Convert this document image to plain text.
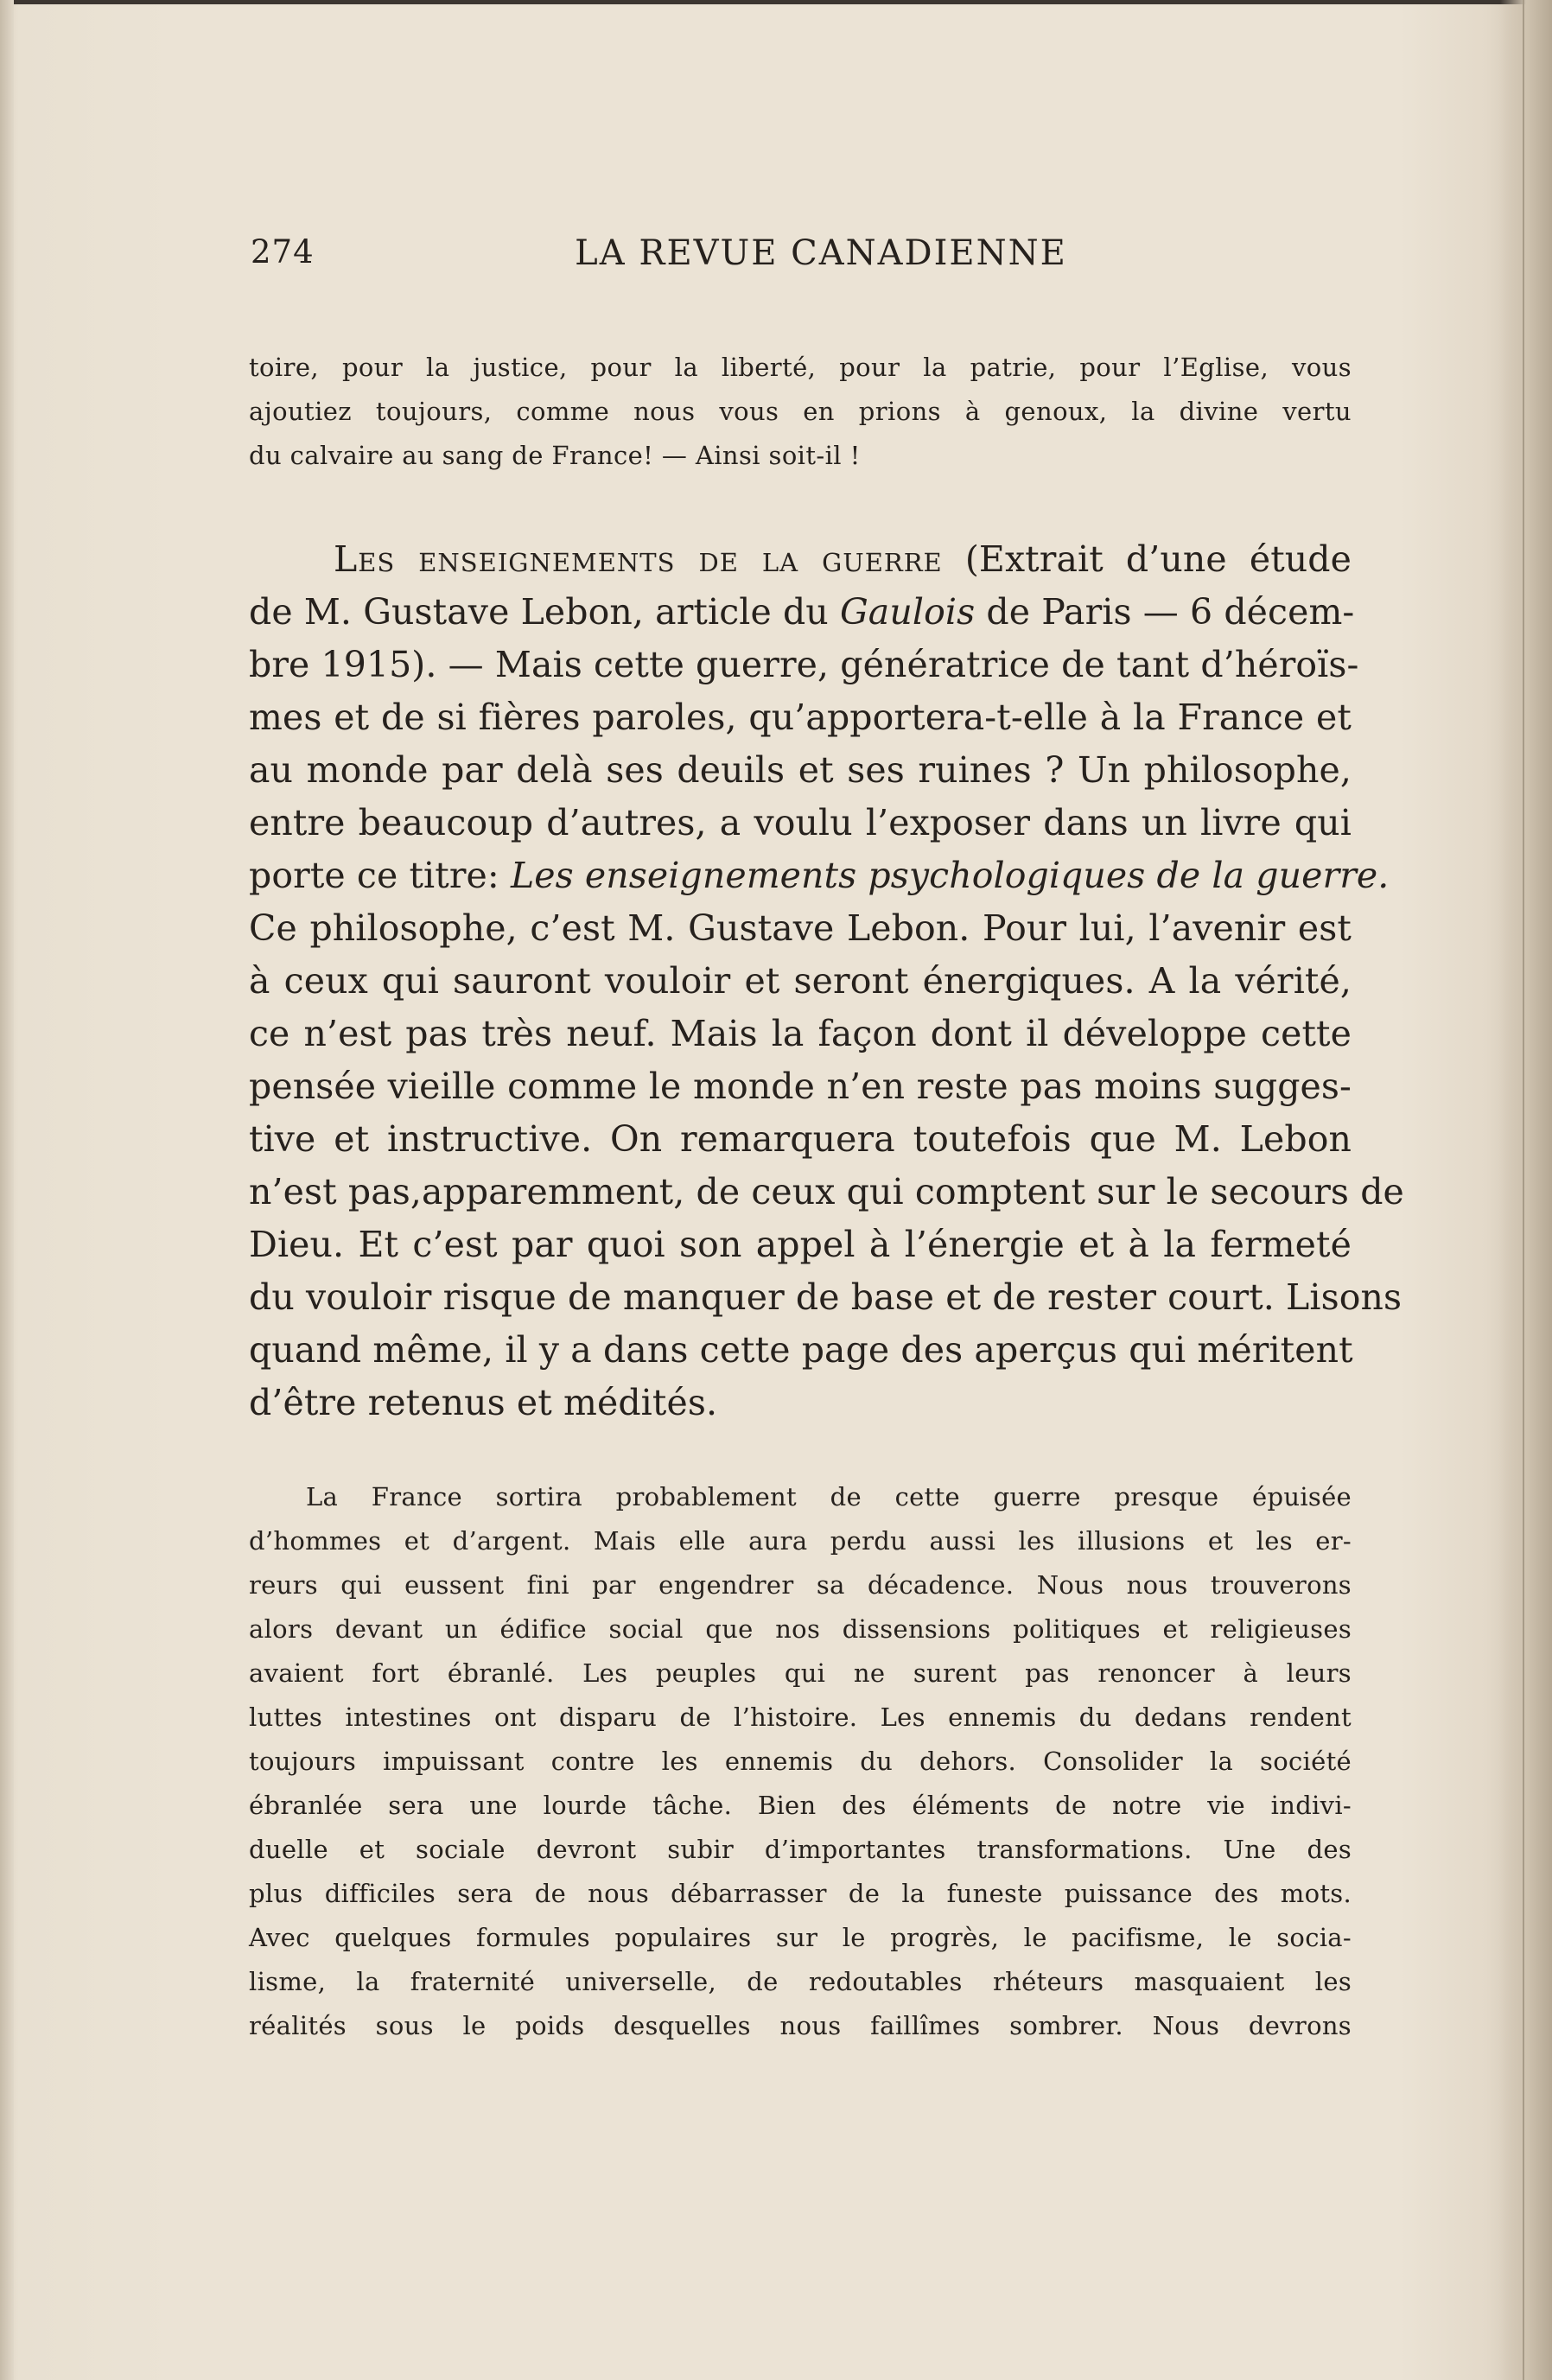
274	LA REVUE CANADIENNE
toire, pour la justice, pour la liberté, pour la patrie, pour l’Eglise, vous
ajoutiez toujours, comme nous vous en prions à genoux, la divine vertu
du calvaire au sang de France! — Ainsi soit-il !
Les enseignements de la guerre (Extrait d’une étude
de M. Gustave Lebon, article du Gaulois de Paris — 6 décem-
bre 1915). — Mais cette guerre, génératrice de tant d’héroïs-
mes et de si fières paroles, qu’apportera-t-elle à la France et
au monde par delà ses deuils et ses ruines ? Un philosophe,
entre beaucoup d’autres, a voulu l’exposer dans un livre qui
porte ce titre: Les enseignements psychologiques de la guerre.
Ce philosophe, c’est M. Gustave Lebon. Pour lui, l’avenir est
à ceux qui sauront vouloir et seront énergiques. A la vérité,
ce n’est pas très neuf. Mais la façon dont il développe cette
pensée vieille comme le monde n’en reste pas moins sugges-
tive et instructive. On remarquera toutefois que M. Lebon
n’est pas,apparemment, de ceux qui comptent sur le secours de
Dieu. Et c’est par quoi son appel à l’énergie et à la fermeté
du vouloir risque de manquer de base et de rester court. Lisons
quand même, il y a dans cette page des aperçus qui méritent
d’être retenus et médités.
La France sortira probablement de cette guerre presque épuisée
d’hommes et d’argent. Mais elle aura perdu aussi les illusions et les er-
reurs qui eussent fini par engendrer sa décadence. Nous nous trouverons
alors devant un édifice social que nos dissensions politiques et religieuses
avaient fort ébranlé. Les peuples qui ne surent pas renoncer à leurs
luttes intestines ont disparu de l’histoire. Les ennemis du dedans rendent
toujours impuissant contre les ennemis du dehors. Consolider la société
ébranlée sera une lourde tâche. Bien des éléments de notre vie indivi-
duelle et sociale devront subir d’importantes transformations. Une des
plus difficiles sera de nous débarrasser de la funeste puissance des mots.
Avec quelques formules populaires sur le progrès, le pacifisme, le socia-
lisme, la fraternité universelle, de redoutables rhéteurs masquaient les
réalités sous le poids desquelles nous faillîmes sombrer. Nous devrons
